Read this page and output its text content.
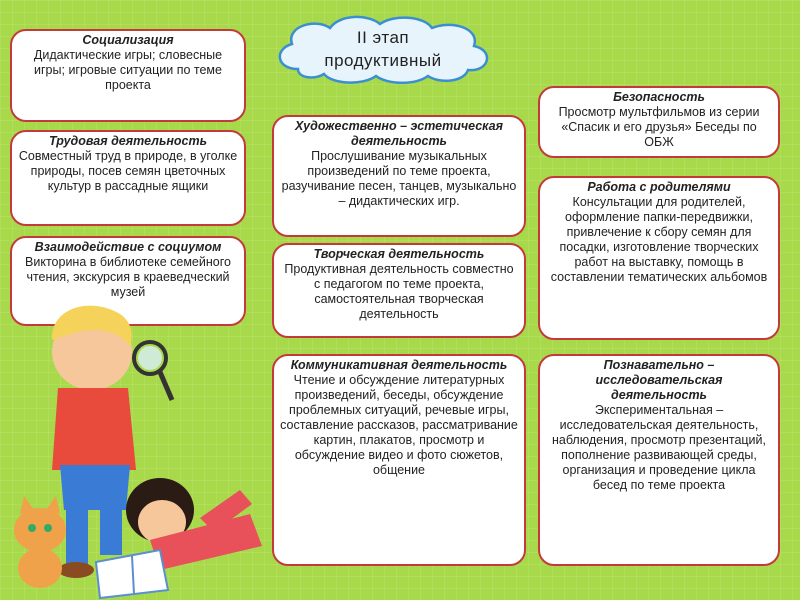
II этап
продуктивный
Социализация
Дидактические игры; словесные игры; игровые ситуации по теме проекта
Трудовая деятельность
Совместный труд в природе, в уголке природы, посев семян цветочных культур в рассадные ящики
Взаимодействие с социумом
Викторина в библиотеке семейного чтения, экскурсия в краеведческий музей
Художественно – эстетическая деятельность
Прослушивание музыкальных произведений по теме проекта, разучивание песен, танцев, музыкально – дидактических игр.
Творческая деятельность
Продуктивная деятельность совместно с педагогом по теме проекта, самостоятельная творческая деятельность
Коммуникативная деятельность
Чтение и обсуждение литературных произведений, беседы, обсуждение проблемных ситуаций, речевые игры, составление рассказов, рассматривание картин, плакатов, просмотр и обсуждение видео и фото сюжетов, общение
Безопасность
Просмотр мультфильмов из серии «Спасик и его друзья» Беседы по ОБЖ
Работа с родителями
Консультации для родителей, оформление папки-передвижки, привлечение к сбору семян для посадки, изготовление творческих работ на выставку, помощь в составлении тематических альбомов
Познавательно – исследовательская деятельность
Экспериментальная – исследовательская деятельность, наблюдения, просмотр презентаций, пополнение развивающей среды, организация и проведение цикла бесед по теме проекта
